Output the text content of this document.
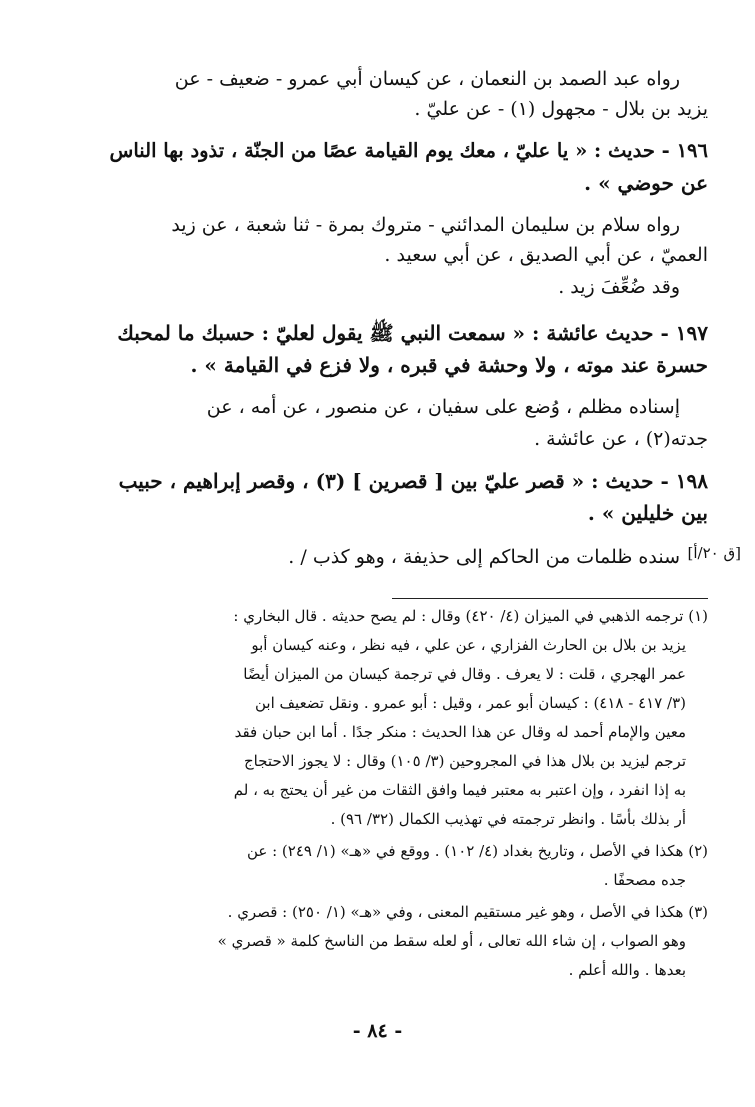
رواه عبد الصمد بن النعمان ، عن كيسان أبي عمرو - ضعيف - عن
يزيد بن بلال - مجهول (١) - عن عليّ .
١٩٦ - حديث : « يا عليّ ، معك يوم القيامة عصًا من الجنّة ، تذود بها الناس
عن حوضي » .
رواه سلام بن سليمان المدائني - متروك بمرة - ثنا شعبة ، عن زيد
العميّ ، عن أبي الصديق ، عن أبي سعيد .
وقد ضُعِّفَ زيد .
١٩٧ - حديث عائشة : « سمعت النبي ﷺ يقول لعليّ : حسبك ما لمحبك
حسرة عند موته ، ولا وحشة في قبره ، ولا فزع في القيامة » .
إسناده مظلم ، وُضع على سفيان ، عن منصور ، عن أمه ، عن
جدته(٢) ، عن عائشة .
١٩٨ - حديث : « قصر عليّ بين [ قصرين ] (٣) ، وقصر إبراهيم ، حبيب
بين خليلين » .
سنده ظلمات من الحاكم إلى حذيفة ، وهو كذب / . [ق ٢٠/أ]
(١) ترجمه الذهبي في الميزان (٤/ ٤٢٠) وقال : لم يصح حديثه . قال البخاري :
يزيد بن بلال بن الحارث الفزاري ، عن علي ، فيه نظر ، وعنه كيسان أبو
عمر الهجري ، قلت : لا يعرف . وقال في ترجمة كيسان من الميزان أيضًا
(٣/ ٤١٧ - ٤١٨) : كيسان أبو عمر ، وقيل : أبو عمرو . ونقل تضعيف ابن
معين والإمام أحمد له وقال عن هذا الحديث : منكر جدًا . أما ابن حبان فقد
ترجم ليزيد بن بلال هذا في المجروحين (٣/ ١٠٥) وقال : لا يجوز الاحتجاج
به إذا انفرد ، وإن اعتبر به معتبر فيما وافق الثقات من غير أن يحتج به ، لم
أر بذلك بأسًا . وانظر ترجمته في تهذيب الكمال (٣٢/ ٩٦) .
(٢) هكذا في الأصل ، وتاريخ بغداد (٤/ ١٠٢) . ووقع في «هـ» (١/ ٢٤٩) : عن
جده مصحفًا .
(٣) هكذا في الأصل ، وهو غير مستقيم المعنى ، وفي «هـ» (١/ ٢٥٠) : قصري .
وهو الصواب ، إن شاء الله تعالى ، أو لعله سقط من الناسخ كلمة « قصري »
بعدها . والله أعلم .
- ٨٤ -
